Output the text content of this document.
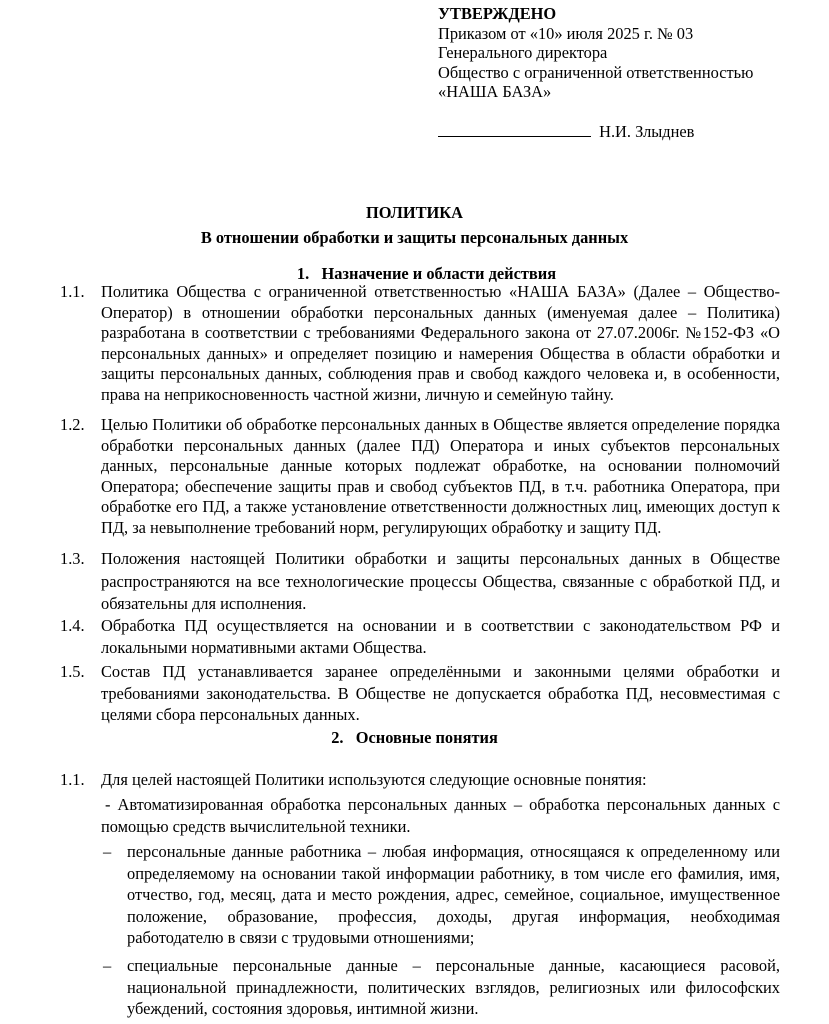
УТВЕРЖДЕНО
Приказом от «10» июля 2025 г. № 03
Генерального директора
Общество с ограниченной ответственностью
«НАША БАЗА»
Н.И. Злыднев
ПОЛИТИКА
В отношении обработки и защиты персональных данных
1.   Назначение и области действия
1.1.	Политика Общества с ограниченной ответственностью «НАША БАЗА» (Далее – Общество-Оператор) в отношении обработки персональных данных (именуемая далее – Политика) разработана в соответствии с требованиями Федерального закона от 27.07.2006г. №152-ФЗ «О персональных данных» и определяет позицию и намерения Общества в области обработки и защиты персональных данных, соблюдения прав и свобод каждого человека и, в особенности, права на неприкосновенность частной жизни, личную и семейную тайну.
1.2.	Целью Политики об обработке персональных данных в Обществе является определение порядка обработки персональных данных (далее ПД) Оператора и иных субъектов персональных данных, персональные данные которых подлежат обработке, на основании полномочий Оператора; обеспечение защиты прав и свобод субъектов ПД, в т.ч. работника Оператора, при обработке его ПД, а также установление ответственности должностных лиц, имеющих доступ к ПД, за невыполнение требований норм, регулирующих обработку и защиту ПД.
1.3.	Положения настоящей Политики обработки и защиты персональных данных в Обществе распространяются на все технологические процессы Общества, связанные с обработкой ПД, и обязательны для исполнения.
1.4.	Обработка ПД осуществляется на основании и в соответствии с законодательством РФ и локальными нормативными актами Общества.
1.5.	Состав ПД устанавливается заранее определёнными и законными целями обработки и требованиями законодательства. В Обществе не допускается обработка ПД, несовместимая с целями сбора персональных данных.
2.   Основные понятия
1.1.	Для целей настоящей Политики используются следующие основные понятия:
- Автоматизированная обработка персональных данных – обработка персональных данных с помощью средств вычислительной техники.
– персональные данные работника – любая информация, относящаяся к определенному или определяемому на основании такой информации работнику, в том числе его фамилия, имя, отчество, год, месяц, дата и место рождения, адрес, семейное, социальное, имущественное положение, образование, профессия, доходы, другая информация, необходимая работодателю в связи с трудовыми отношениями;
– специальные персональные данные – персональные данные, касающиеся расовой, национальной принадлежности, политических взглядов, религиозных или философских убеждений, состояния здоровья, интимной жизни.
